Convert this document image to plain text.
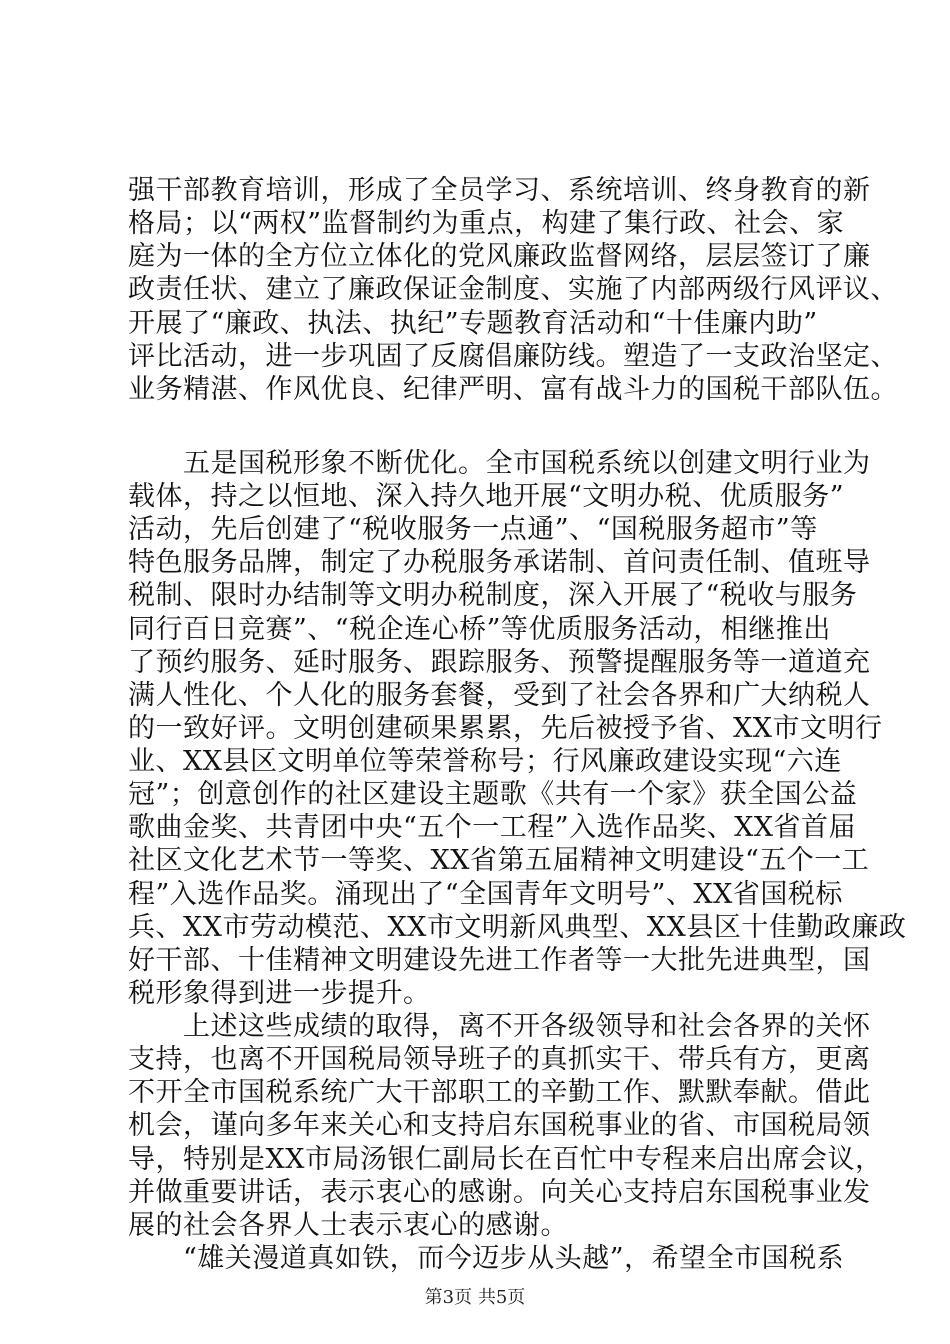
强干部教育培训，形成了全员学习、系统培训、终身教育的新
格局；以“两权”监督制约为重点，构建了集行政、社会、家
庭为一体的全方位立体化的党风廉政监督网络，层层签订了廉
政责任状、建立了廉政保证金制度、实施了内部两级行风评议、
开展了“廉政、执法、执纪”专题教育活动和“十佳廉内助”
评比活动，进一步巩固了反腐倡廉防线。塑造了一支政治坚定、
业务精湛、作风优良、纪律严明、富有战斗力的国税干部队伍。
　　五是国税形象不断优化。全市国税系统以创建文明行业为
载体，持之以恒地、深入持久地开展“文明办税、优质服务”
活动，先后创建了“税收服务一点通”、“国税服务超市”等
特色服务品牌，制定了办税服务承诺制、首问责任制、值班导
税制、限时办结制等文明办税制度，深入开展了“税收与服务
同行百日竞赛”、“税企连心桥”等优质服务活动，相继推出
了预约服务、延时服务、跟踪服务、预警提醒服务等一道道充
满人性化、个人化的服务套餐，受到了社会各界和广大纳税人
的一致好评。文明创建硕果累累，先后被授予省、XX市文明行
业、XX县区文明单位等荣誉称号；行风廉政建设实现“六连
冠”；创意创作的社区建设主题歌《共有一个家》获全国公益
歌曲金奖、共青团中央“五个一工程”入选作品奖、XX省首届
社区文化艺术节一等奖、XX省第五届精神文明建设“五个一工
程”入选作品奖。涌现出了“全国青年文明号”、XX省国税标
兵、XX市劳动模范、XX市文明新风典型、XX县区十佳勤政廉政
好干部、十佳精神文明建设先进工作者等一大批先进典型，国
税形象得到进一步提升。
　　上述这些成绩的取得，离不开各级领导和社会各界的关怀
支持，也离不开国税局领导班子的真抓实干、带兵有方，更离
不开全市国税系统广大干部职工的辛勤工作、默默奉献。借此
机会，谨向多年来关心和支持启东国税事业的省、市国税局领
导，特别是XX市局汤银仁副局长在百忙中专程来启出席会议，
并做重要讲话，表示衷心的感谢。向关心支持启东国税事业发
展的社会各界人士表示衷心的感谢。
　　“雄关漫道真如铁，而今迈步从头越”，希望全市国税系
第3页 共5页
